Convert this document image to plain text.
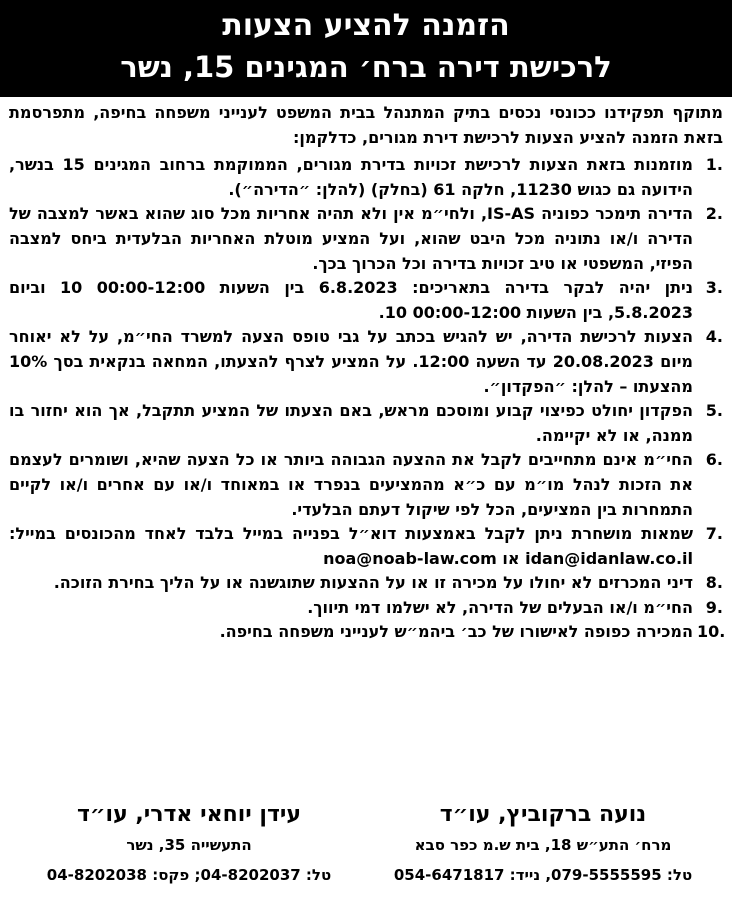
הזמנה להציע הצעות
לרכישת דירה ברח׳ המגינים 15, נשר

מתוקף תפקידנו ככונסי נכסים בתיק המתנהל בבית המשפט לענייני משפחה בחיפה, מתפרסמת בזאת הזמנה להציע הצעות לרכישת דירת מגורים, כדלקמן:

1.
מוזמנות בזאת הצעות לרכישת זכויות בדירת מגורים, הממוקמת ברחוב המגינים 15 בנשר, הידועה גם כגוש 11230, חלקה 61 (בחלק) (להלן: ״הדירה״).

2.
הדירה תימכר כפוניה IS-AS, ולחי״מ אין ולא תהיה אחריות מכל סוג שהוא באשר למצבה של הדירה ו/או נתוניה מכל היבט שהוא, ועל המציע מוטלת האחריות הבלעדית ביחס למצבה הפיזי, המשפטי או טיב זכויות בדירה וכל הכרוך בכך.

3.
ניתן יהיה לבקר בדירה בתאריכים: 6.8.2023 בין השעות 00:00-12:00 10 וביום 5.8.2023, בין השעות 00:00-12:00 10.

4.
הצעות לרכישת הדירה, יש להגיש בכתב על גבי טופס הצעה למשרד החי״מ, על לא יאוחר מיום 20.08.2023 עד השעה 12:00. על המציע לצרף להצעתו, המחאה בנקאית בסך 10% מהצעתו – להלן: ״הפקדון״.

5.
הפקדון יחולט כפיצוי קבוע ומוסכם מראש, באם הצעתו של המציע תתקבל, אך הוא יחזור בו ממנה, או לא יקיימה.

6.
החי״מ אינם מתחייבים לקבל את ההצעה הגבוהה ביותר או כל הצעה שהיא, ושומרים לעצמם את הזכות לנהל מו״מ עם כ״א מהמציעים בנפרד או במאוחד ו/או עם אחרים ו/או לקיים התמחרות בין המציעים, הכל לפי שיקול דעתם הבלעדי.

7.
שמאות מושחרת ניתן לקבל באמצעות דוא״ל בפנייה במייל בלבד לאחד מהכונסים במייל: idan@idanlaw.co.il או noa@noab-law.com

8.
דיני המכרזים לא יחולו על מכירה זו או על ההצעות שתוגשנה או על הליך בחירת הזוכה.

9.
החי״מ ו/או הבעלים של הדירה, לא ישלמו דמי תיווך.

10.
המכירה כפופה לאישורו של כב׳ ביהמ״ש לענייני משפחה בחיפה.

נועה ברקוביץ, עו״ד
מרח׳ התע״ש 18, בית ש.מ כפר סבא
טל: 079-5555595, נייד: 054-6471817
עידן יוחאי אדרי, עו״ד
התעשייה 35, נשר
טל: 04-8202037; פקס: 04-8202038
